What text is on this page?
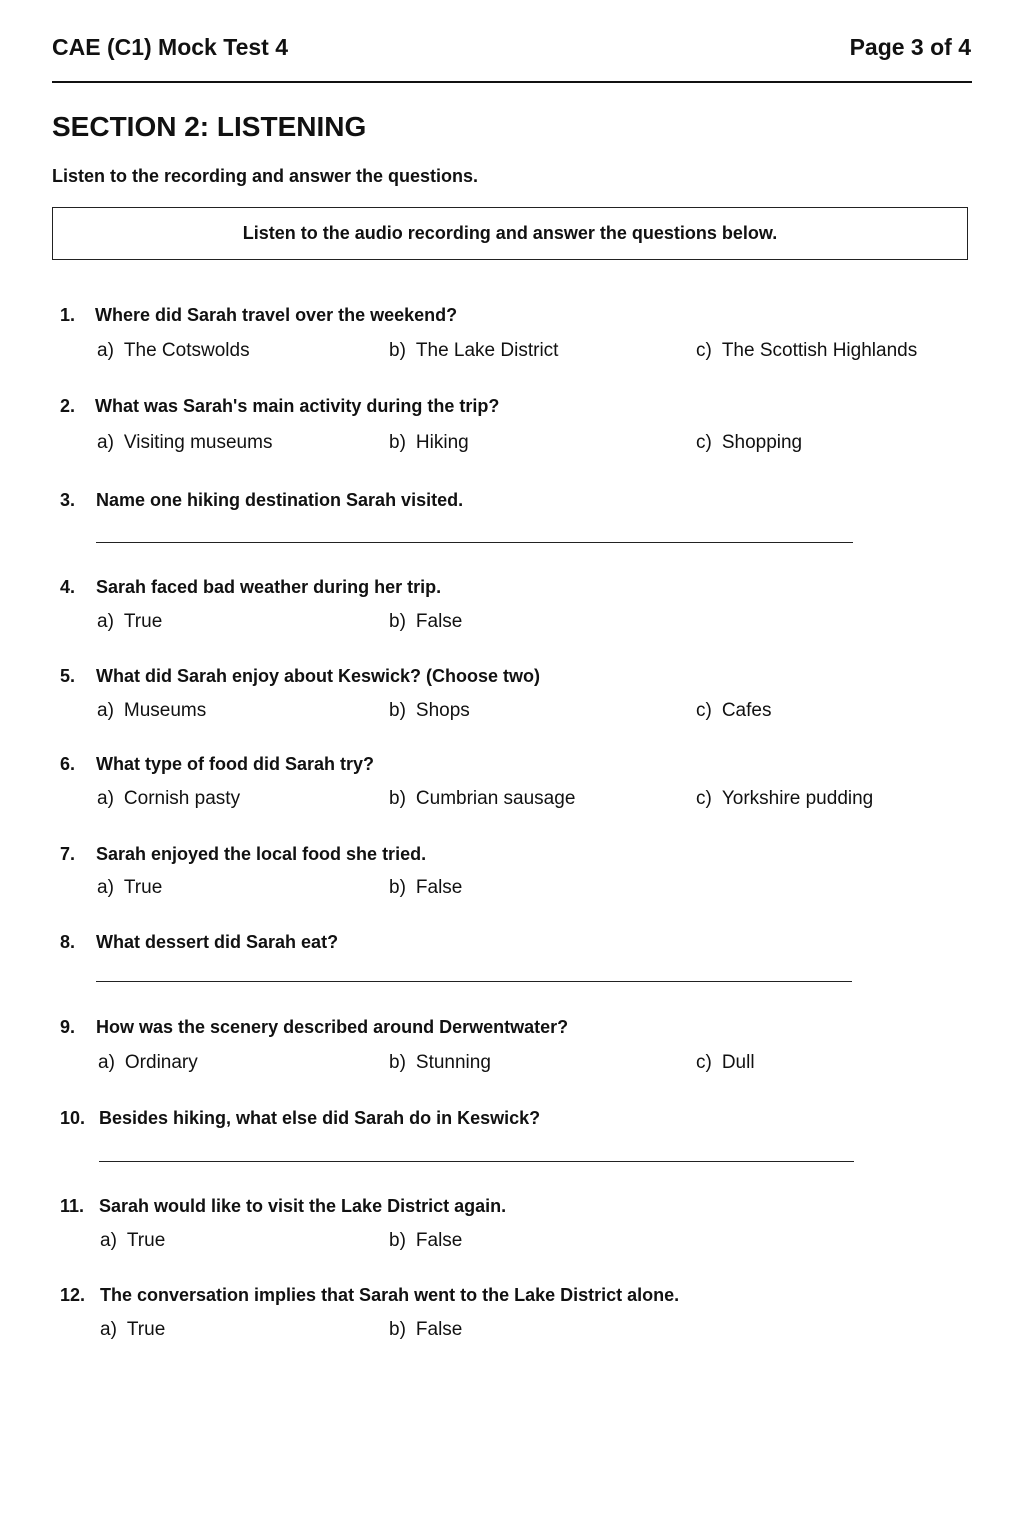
CAE (C1) Mock Test 4	Page 3 of 4
SECTION 2: LISTENING
Listen to the recording and answer the questions.
Listen to the audio recording and answer the questions below.
1. Where did Sarah travel over the weekend?
a) The Cotswolds	b) The Lake District	c) The Scottish Highlands
2. What was Sarah's main activity during the trip?
a) Visiting museums	b) Hiking	c) Shopping
3. Name one hiking destination Sarah visited.
4. Sarah faced bad weather during her trip.
a) True	b) False
5. What did Sarah enjoy about Keswick? (Choose two)
a) Museums	b) Shops	c) Cafes
6. What type of food did Sarah try?
a) Cornish pasty	b) Cumbrian sausage	c) Yorkshire pudding
7. Sarah enjoyed the local food she tried.
a) True	b) False
8. What dessert did Sarah eat?
9. How was the scenery described around Derwentwater?
a) Ordinary	b) Stunning	c) Dull
10. Besides hiking, what else did Sarah do in Keswick?
11. Sarah would like to visit the Lake District again.
a) True	b) False
12. The conversation implies that Sarah went to the Lake District alone.
a) True	b) False
